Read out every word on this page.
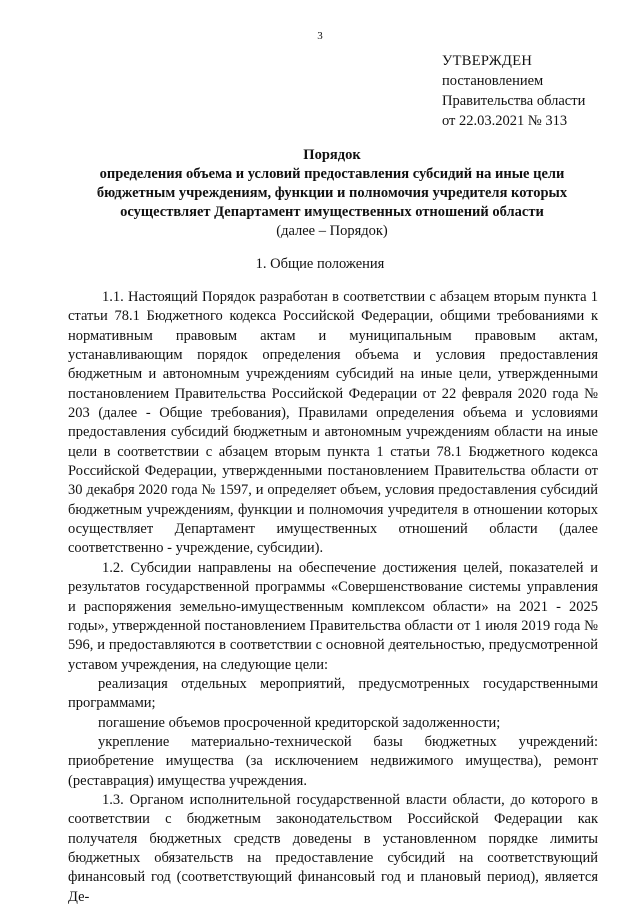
3
УТВЕРЖДЕН
постановлением
Правительства области
от 22.03.2021 № 313
Порядок
определения объема и условий предоставления субсидий на иные цели бюджетным учреждениям, функции и полномочия учредителя которых осуществляет Департамент имущественных отношений области
(далее – Порядок)
1. Общие положения

1.1. Настоящий Порядок разработан в соответствии с абзацем вторым пункта 1 статьи 78.1 Бюджетного кодекса Российской Федерации, общими требованиями к нормативным правовым актам и муниципальным правовым актам, устанавливающим порядок определения объема и условия предоставления бюджетным и автономным учреждениям субсидий на иные цели, утвержденными постановлением Правительства Российской Федерации от 22 февраля 2020 года № 203 (далее - Общие требования), Правилами определения объема и условиями предоставления субсидий бюджетным и автономным учреждениям области на иные цели в соответствии с абзацем вторым пункта 1 статьи 78.1 Бюджетного кодекса Российской Федерации, утвержденными постановлением Правительства области от 30 декабря 2020 года № 1597, и определяет объем, условия предоставления субсидий бюджетным учреждениям, функции и полномочия учредителя в отношении которых осуществляет Департамент имущественных отношений области (далее соответственно - учреждение, субсидии).

1.2. Субсидии направлены на обеспечение достижения целей, показателей и результатов государственной программы «Совершенствование системы управления и распоряжения земельно-имущественным комплексом области» на 2021 - 2025 годы», утвержденной постановлением Правительства области от 1 июля 2019 года № 596, и предоставляются в соответствии с основной деятельностью, предусмотренной уставом учреждения, на следующие цели:

реализация отдельных мероприятий, предусмотренных государственными программами;

погашение объемов просроченной кредиторской задолженности;

укрепление материально-технической базы бюджетных учреждений: приобретение имущества (за исключением недвижимого имущества), ремонт (реставрация) имущества учреждения.

1.3. Органом исполнительной государственной власти области, до которого в соответствии с бюджетным законодательством Российской Федерации как получателя бюджетных средств доведены в установленном порядке лимиты бюджетных обязательств на предоставление субсидий на соответствующий финансовый год (соответствующий финансовый год и плановый период), является Де-
